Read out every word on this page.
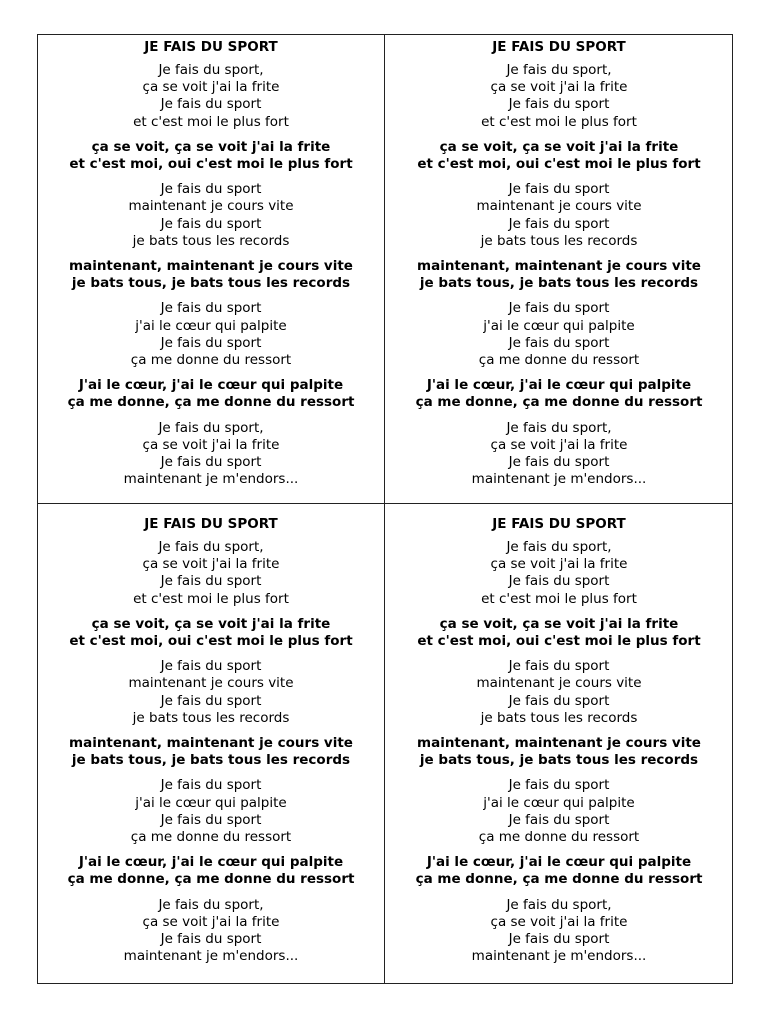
JE FAIS DU SPORT
Je fais du sport,
ça se voit j'ai la frite
Je fais du sport
et c'est moi le plus fort
ça se voit, ça se voit j'ai la frite
et c'est moi, oui c'est moi le plus fort
Je fais du sport
maintenant je cours vite
Je fais du sport
je bats tous les records
maintenant, maintenant je cours vite
je bats tous, je bats tous les records
Je fais du sport
j'ai le cœur qui palpite
Je fais du sport
ça me donne du ressort
J'ai le cœur, j'ai le cœur qui palpite
ça me donne, ça me donne du ressort
Je fais du sport,
ça se voit j'ai la frite
Je fais du sport
maintenant je m'endors...
JE FAIS DU SPORT
Je fais du sport,
ça se voit j'ai la frite
Je fais du sport
et c'est moi le plus fort
ça se voit, ça se voit j'ai la frite
et c'est moi, oui c'est moi le plus fort
Je fais du sport
maintenant je cours vite
Je fais du sport
je bats tous les records
maintenant, maintenant je cours vite
je bats tous, je bats tous les records
Je fais du sport
j'ai le cœur qui palpite
Je fais du sport
ça me donne du ressort
J'ai le cœur, j'ai le cœur qui palpite
ça me donne, ça me donne du ressort
Je fais du sport,
ça se voit j'ai la frite
Je fais du sport
maintenant je m'endors...
JE FAIS DU SPORT
Je fais du sport,
ça se voit j'ai la frite
Je fais du sport
et c'est moi le plus fort
ça se voit, ça se voit j'ai la frite
et c'est moi, oui c'est moi le plus fort
Je fais du sport
maintenant je cours vite
Je fais du sport
je bats tous les records
maintenant, maintenant je cours vite
je bats tous, je bats tous les records
Je fais du sport
j'ai le cœur qui palpite
Je fais du sport
ça me donne du ressort
J'ai le cœur, j'ai le cœur qui palpite
ça me donne, ça me donne du ressort
Je fais du sport,
ça se voit j'ai la frite
Je fais du sport
maintenant je m'endors...
JE FAIS DU SPORT
Je fais du sport,
ça se voit j'ai la frite
Je fais du sport
et c'est moi le plus fort
ça se voit, ça se voit j'ai la frite
et c'est moi, oui c'est moi le plus fort
Je fais du sport
maintenant je cours vite
Je fais du sport
je bats tous les records
maintenant, maintenant je cours vite
je bats tous, je bats tous les records
Je fais du sport
j'ai le cœur qui palpite
Je fais du sport
ça me donne du ressort
J'ai le cœur, j'ai le cœur qui palpite
ça me donne, ça me donne du ressort
Je fais du sport,
ça se voit j'ai la frite
Je fais du sport
maintenant je m'endors...
